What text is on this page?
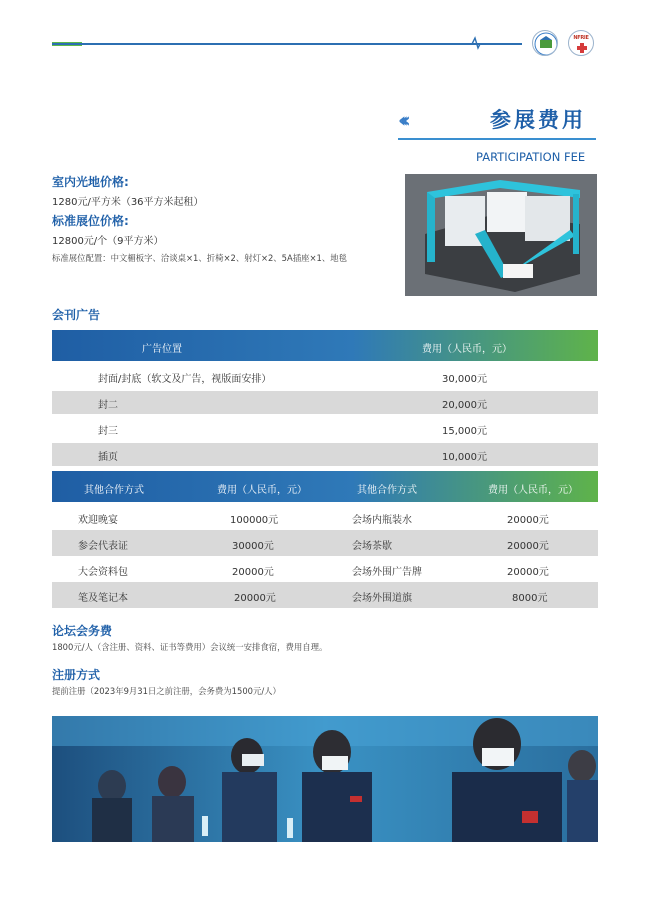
NFRIE
‹‹‹	参展费用
PARTICIPATION FEE
室内光地价格:
1280元/平方米（36平方米起租）
标准展位价格:
12800元/个（9平方米）
标准展位配置：中文楣板字、洽谈桌×1、折椅×2、射灯×2、5A插座×1、地毯
会刊广告
广告位置	费用（人民币，元）
封面/封底（软文及广告，视版面安排）	30,000元
封二	20,000元
封三	15,000元
插页	10,000元
其他合作方式	费用（人民币，元）	其他合作方式	费用（人民币，元）
欢迎晚宴	100000元	会场内瓶装水	20000元
参会代表证	30000元	会场茶歇	20000元
大会资料包	20000元	会场外围广告牌	20000元
笔及笔记本	20000元	会场外围道旗	8000元
论坛会务费
1800元/人（含注册、资料、证书等费用）会议统一安排食宿，费用自理。
注册方式
提前注册（2023年9月31日之前注册，会务费为1500元/人）
